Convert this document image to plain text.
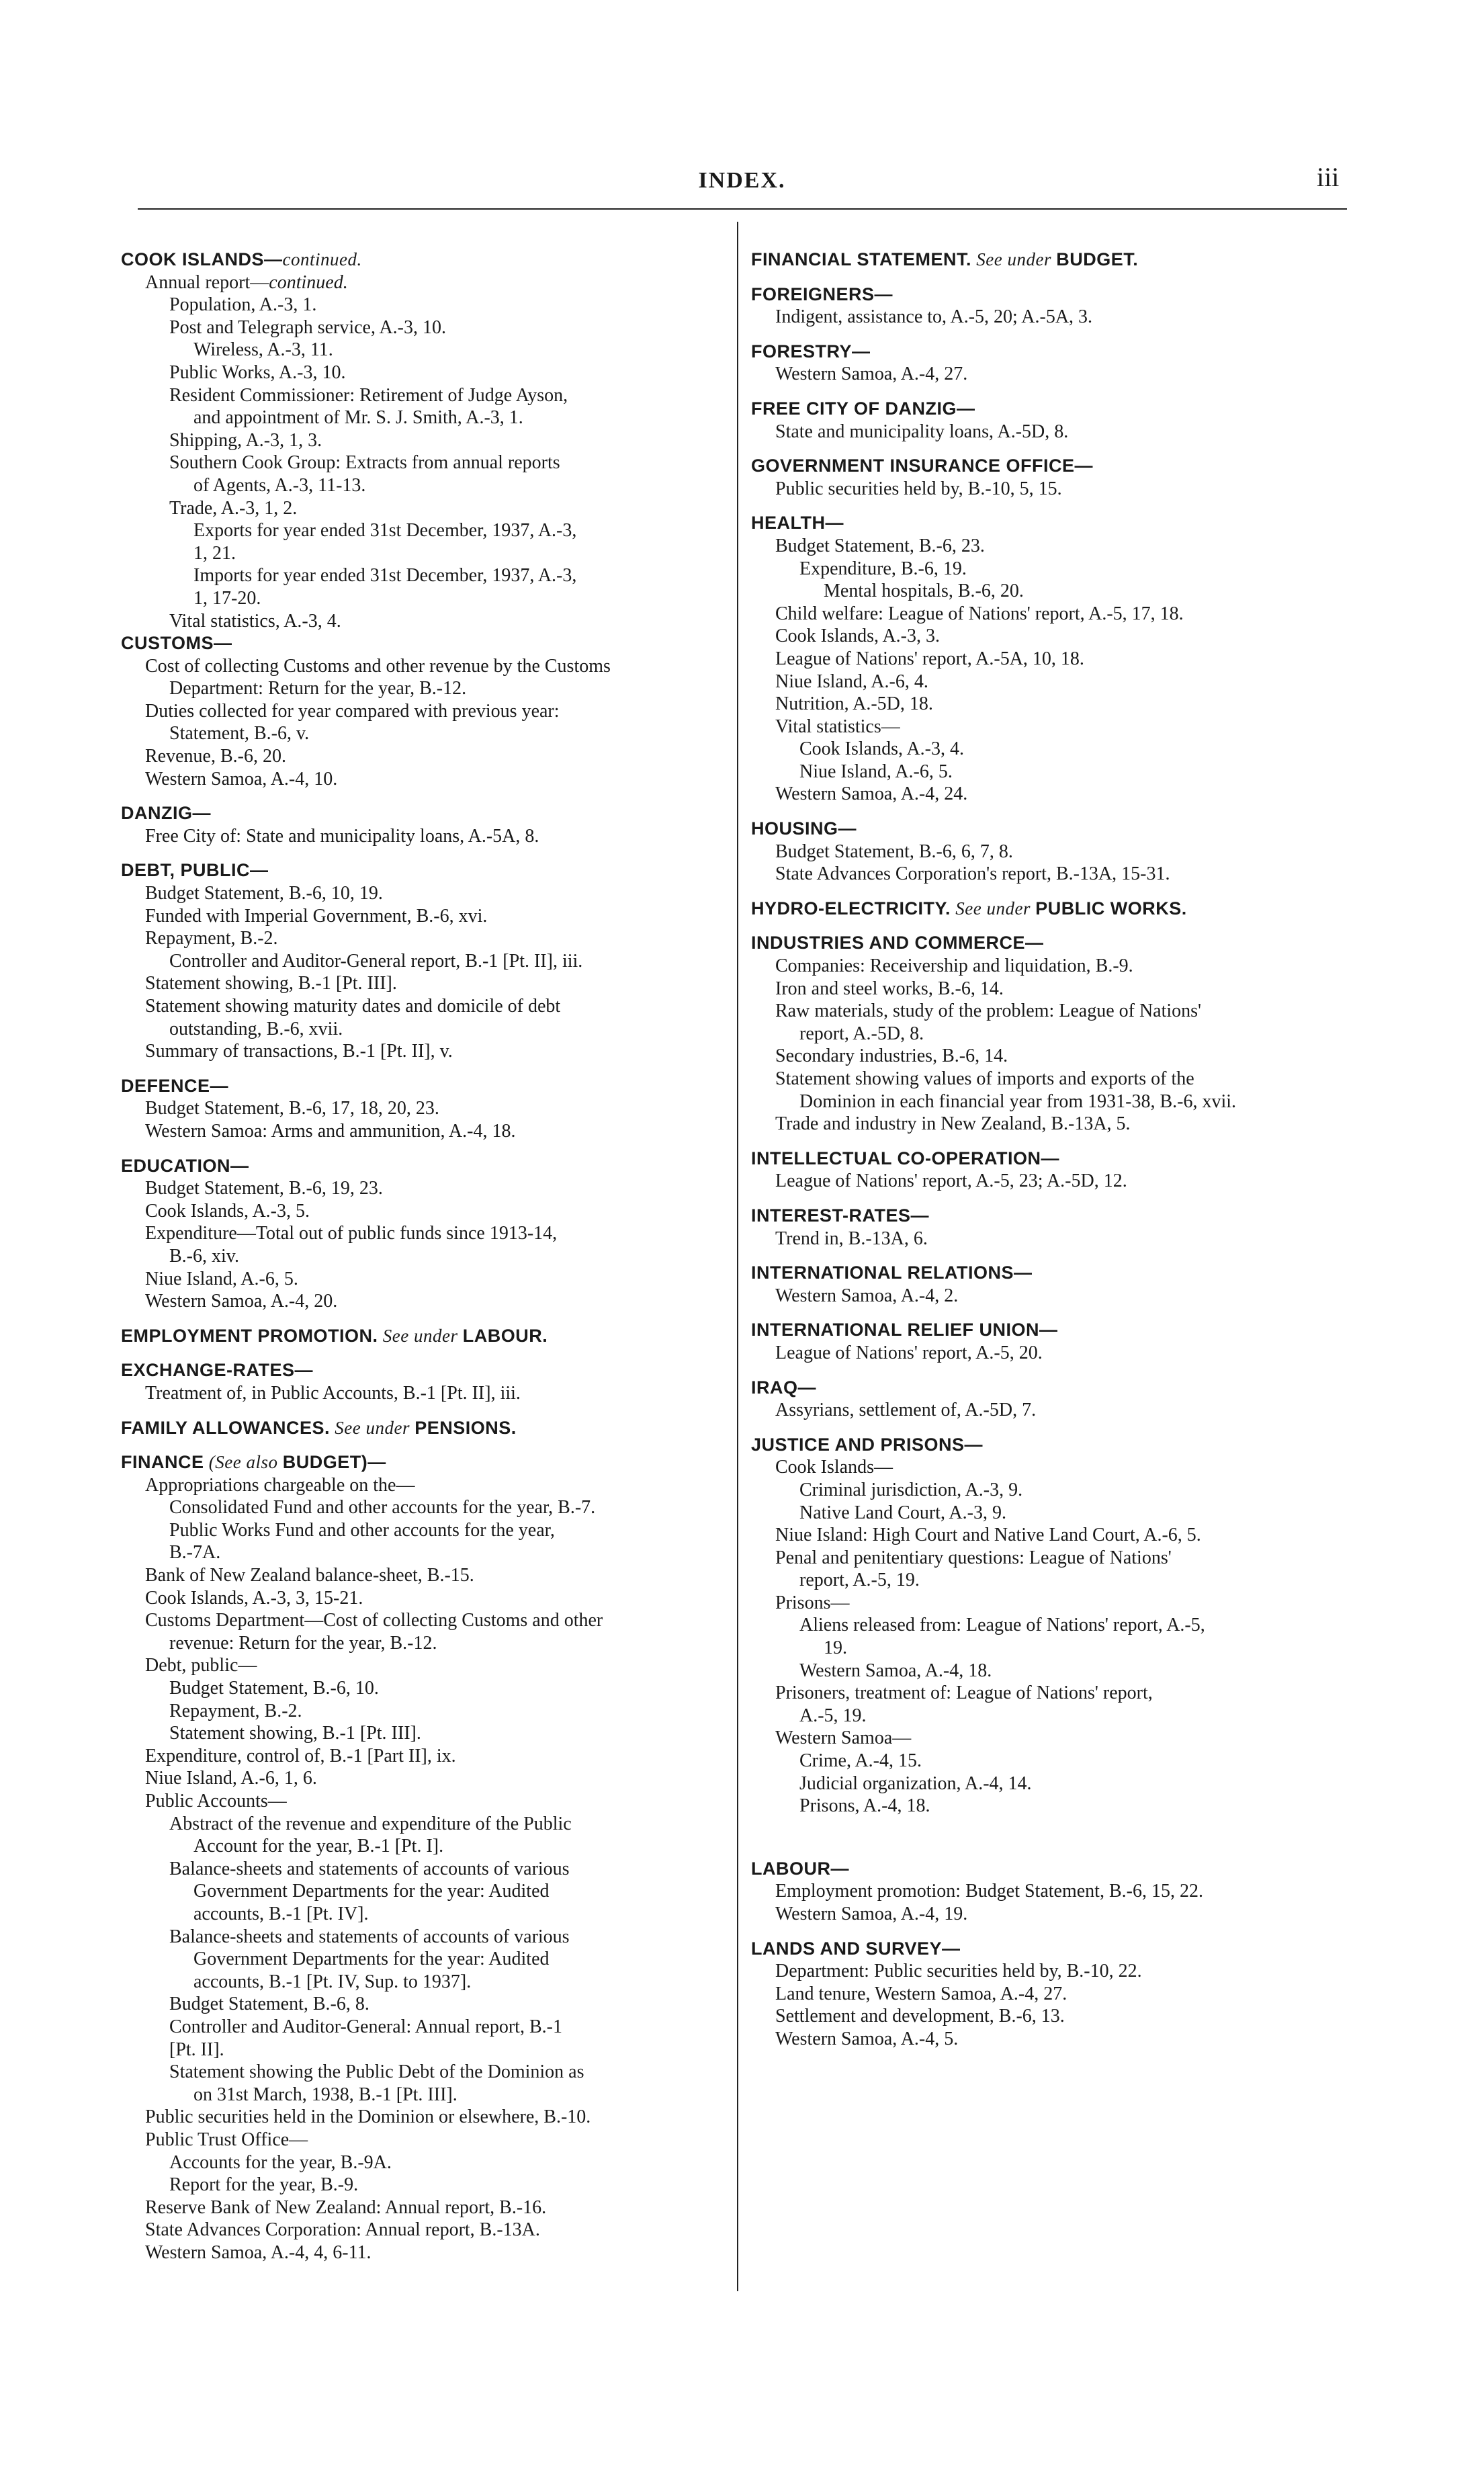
INDEX.	iii
COOK ISLANDS—continued.
Annual report—continued.
Population, A.-3, 1.
Post and Telegraph service, A.-3, 10.
Wireless, A.-3, 11.
Public Works, A.-3, 10.
Resident Commissioner: Retirement of Judge Ayson,
and appointment of Mr. S. J. Smith, A.-3, 1.
Shipping, A.-3, 1, 3.
Southern Cook Group: Extracts from annual reports
of Agents, A.-3, 11-13.
Trade, A.-3, 1, 2.
Exports for year ended 31st December, 1937, A.-3,
1, 21.
Imports for year ended 31st December, 1937, A.-3,
1, 17-20.
Vital statistics, A.-3, 4.
CUSTOMS—
Cost of collecting Customs and other revenue by the Customs
Department: Return for the year, B.-12.
Duties collected for year compared with previous year:
Statement, B.-6, v.
Revenue, B.-6, 20.
Western Samoa, A.-4, 10.
DANZIG—
Free City of: State and municipality loans, A.-5A, 8.
DEBT, PUBLIC—
Budget Statement, B.-6, 10, 19.
Funded with Imperial Government, B.-6, xvi.
Repayment, B.-2.
Controller and Auditor-General report, B.-1 [Pt. II], iii.
Statement showing, B.-1 [Pt. III].
Statement showing maturity dates and domicile of debt
outstanding, B.-6, xvii.
Summary of transactions, B.-1 [Pt. II], v.
DEFENCE—
Budget Statement, B.-6, 17, 18, 20, 23.
Western Samoa: Arms and ammunition, A.-4, 18.
EDUCATION—
Budget Statement, B.-6, 19, 23.
Cook Islands, A.-3, 5.
Expenditure—Total out of public funds since 1913-14,
B.-6, xiv.
Niue Island, A.-6, 5.
Western Samoa, A.-4, 20.
EMPLOYMENT PROMOTION. See under LABOUR.
EXCHANGE-RATES—
Treatment of, in Public Accounts, B.-1 [Pt. II], iii.
FAMILY ALLOWANCES. See under PENSIONS.
FINANCE (See also BUDGET)—
Appropriations chargeable on the—
Consolidated Fund and other accounts for the year, B.-7.
Public Works Fund and other accounts for the year,
B.-7A.
Bank of New Zealand balance-sheet, B.-15.
Cook Islands, A.-3, 3, 15-21.
Customs Department—Cost of collecting Customs and other
revenue: Return for the year, B.-12.
Debt, public—
Budget Statement, B.-6, 10.
Repayment, B.-2.
Statement showing, B.-1 [Pt. III].
Expenditure, control of, B.-1 [Part II], ix.
Niue Island, A.-6, 1, 6.
Public Accounts—
Abstract of the revenue and expenditure of the Public
Account for the year, B.-1 [Pt. I].
Balance-sheets and statements of accounts of various
Government Departments for the year: Audited
accounts, B.-1 [Pt. IV].
Balance-sheets and statements of accounts of various
Government Departments for the year: Audited
accounts, B.-1 [Pt. IV, Sup. to 1937].
Budget Statement, B.-6, 8.
Controller and Auditor-General: Annual report, B.-1
[Pt. II].
Statement showing the Public Debt of the Dominion as
on 31st March, 1938, B.-1 [Pt. III].
Public securities held in the Dominion or elsewhere, B.-10.
Public Trust Office—
Accounts for the year, B.-9A.
Report for the year, B.-9.
Reserve Bank of New Zealand: Annual report, B.-16.
State Advances Corporation: Annual report, B.-13A.
Western Samoa, A.-4, 4, 6-11.
FINANCIAL STATEMENT. See under BUDGET.
FOREIGNERS—
Indigent, assistance to, A.-5, 20; A.-5A, 3.
FORESTRY—
Western Samoa, A.-4, 27.
FREE CITY OF DANZIG—
State and municipality loans, A.-5D, 8.
GOVERNMENT INSURANCE OFFICE—
Public securities held by, B.-10, 5, 15.
HEALTH—
Budget Statement, B.-6, 23.
Expenditure, B.-6, 19.
Mental hospitals, B.-6, 20.
Child welfare: League of Nations' report, A.-5, 17, 18.
Cook Islands, A.-3, 3.
League of Nations' report, A.-5A, 10, 18.
Niue Island, A.-6, 4.
Nutrition, A.-5D, 18.
Vital statistics—
Cook Islands, A.-3, 4.
Niue Island, A.-6, 5.
Western Samoa, A.-4, 24.
HOUSING—
Budget Statement, B.-6, 6, 7, 8.
State Advances Corporation's report, B.-13A, 15-31.
HYDRO-ELECTRICITY. See under PUBLIC WORKS.
INDUSTRIES AND COMMERCE—
Companies: Receivership and liquidation, B.-9.
Iron and steel works, B.-6, 14.
Raw materials, study of the problem: League of Nations'
report, A.-5D, 8.
Secondary industries, B.-6, 14.
Statement showing values of imports and exports of the
Dominion in each financial year from 1931-38, B.-6, xvii.
Trade and industry in New Zealand, B.-13A, 5.
INTELLECTUAL CO-OPERATION—
League of Nations' report, A.-5, 23; A.-5D, 12.
INTEREST-RATES—
Trend in, B.-13A, 6.
INTERNATIONAL RELATIONS—
Western Samoa, A.-4, 2.
INTERNATIONAL RELIEF UNION—
League of Nations' report, A.-5, 20.
IRAQ—
Assyrians, settlement of, A.-5D, 7.
JUSTICE AND PRISONS—
Cook Islands—
Criminal jurisdiction, A.-3, 9.
Native Land Court, A.-3, 9.
Niue Island: High Court and Native Land Court, A.-6, 5.
Penal and penitentiary questions: League of Nations'
report, A.-5, 19.
Prisons—
Aliens released from: League of Nations' report, A.-5,
19.
Western Samoa, A.-4, 18.
Prisoners, treatment of: League of Nations' report,
A.-5, 19.
Western Samoa—
Crime, A.-4, 15.
Judicial organization, A.-4, 14.
Prisons, A.-4, 18.
LABOUR—
Employment promotion: Budget Statement, B.-6, 15, 22.
Western Samoa, A.-4, 19.
LANDS AND SURVEY—
Department: Public securities held by, B.-10, 22.
Land tenure, Western Samoa, A.-4, 27.
Settlement and development, B.-6, 13.
Western Samoa, A.-4, 5.
